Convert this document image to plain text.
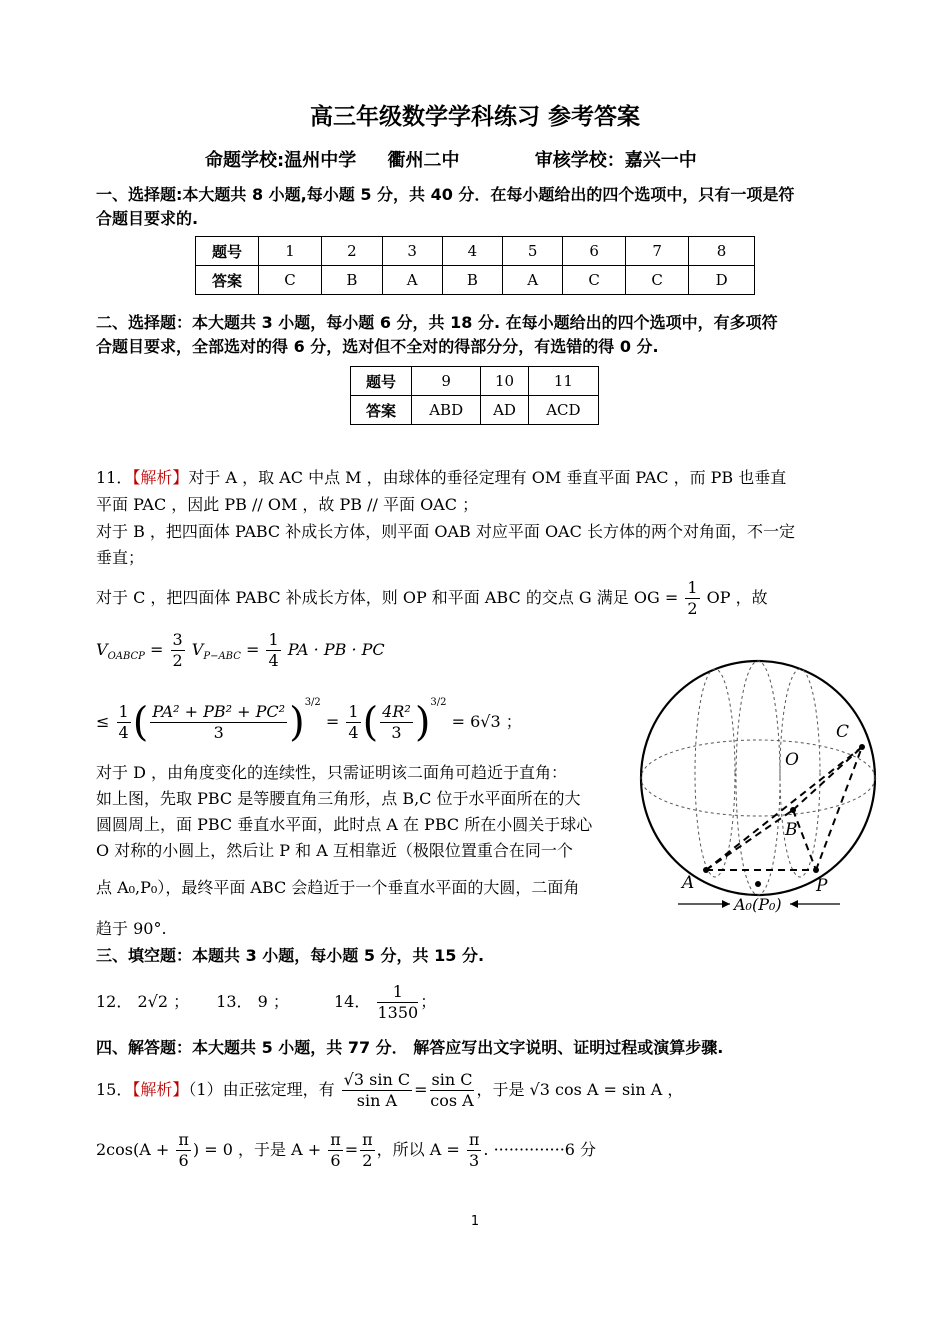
高三年级数学学科练习 参考答案
命题学校:温州中学     衢州二中            审核学校：嘉兴一中
一、选择题:本大题共 8 小题,每小题 5 分，共 40 分．在每小题给出的四个选项中，只有一项是符
合题目要求的.
题号	1	2	3	4	5	6	7	8
答案	C	B	A	B	A	C	C	D
二、选择题：本大题共 3 小题，每小题 6 分，共 18 分. 在每小题给出的四个选项中，有多项符
合题目要求，全部选对的得 6 分，选对但不全对的得部分分，有选错的得 0 分.
题号	9	10	11
答案	ABD	AD	ACD
11．【解析】对于 A ，取 AC 中点 M ，由球体的垂径定理有 OM 垂直平面 PAC ，而 PB 也垂直
平面 PAC ，因此 PB // OM ，故 PB // 平面 OAC ；
对于 B ，把四面体 PABC 补成长方体，则平面 OAB 对应平面 OAC 长方体的两个对角面，不一定
垂直；
对于 C ，把四面体 PABC 补成长方体，则 OP 和平面 ABC 的交点 G 满足 OG = $\frac{1}{2}$ OP ，故
$V_{OABCP} = \frac{3}{2} V_{P-ABC} = \frac{1}{4}$ PA · PB · PC
≤ $\frac{1}{4}$ ( $\frac{\text{PA² + PB² + PC²}}{3} )^{3/2} = \frac{1}{4}$ ( $\frac{\text{4R²}}{3} )^{3/2} = 6√3$ ；
对于 D ，由角度变化的连续性，只需证明该二面角可趋近于直角：
如上图，先取 PBC 是等腰直角三角形，点 B,C 位于水平面所在的大
圆圆周上，面 PBC 垂直水平面，此时点 A 在 PBC 所在小圆关于球心
O 对称的小圆上，然后让 P 和 A 互相靠近（极限位置重合在同一个
点 A₀,P₀），最终平面 ABC 会趋近于一个垂直水平面的大圆，二面角
趋于 90°.
O
C
B
A	P
A₀(P₀)
三、填空题：本题共 3 小题，每小题 5 分，共 15 分.
12． 2√2 ； 13． 9 ；	14． $\frac{1}{1350}$ ；
四、解答题：本大题共 5 小题，共 77 分． 解答应写出文字说明、证明过程或演算步骤.
15．【解析】（1）由正弦定理，有 $\frac{\text{√3 sin C}}{\text{sin A}} = \frac{\text{sin C}}{\text{cos A}}$ ，于是 √3 cos A = sin A ，
$2\cos(A + \frac{\pi}{6}$ ) = 0 ，于是 $A + \frac{\pi}{6} = \frac{\pi}{2}$ ，所以 $A = \frac{\pi}{3}$ . ··············6 分
1
